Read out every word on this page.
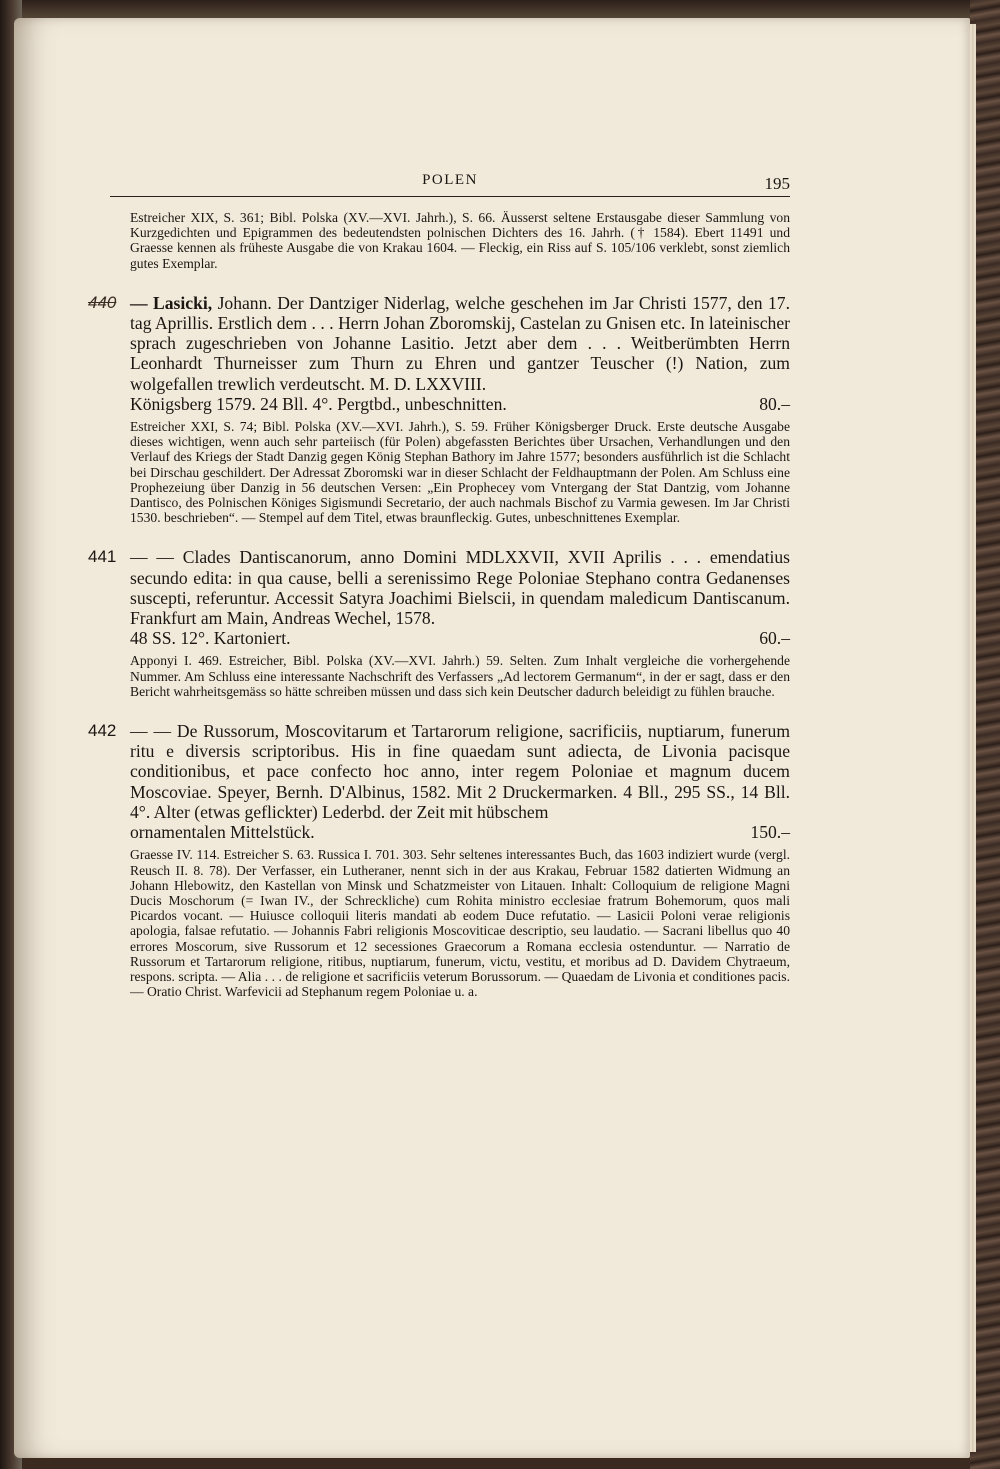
POLEN	195

Estreicher XIX, S. 361; Bibl. Polska (XV.—XVI. Jahrh.), S. 66. Äusserst seltene Erstausgabe dieser Sammlung von Kurzgedichten und Epigrammen des bedeutendsten polnischen Dichters des 16. Jahrh. († 1584). Ebert 11491 und Graesse kennen als früheste Ausgabe die von Krakau 1604. — Fleckig, ein Riss auf S. 105/106 verklebt, sonst ziemlich gutes Exemplar.

440 — Lasicki, Johann. Der Dantziger Niderlag, welche geschehen im Jar Christi 1577, den 17. tag Aprillis. Erstlich dem . . . Herrn Johan Zboromskij, Castelan zu Gnisen etc. In lateinischer sprach zugeschrieben von Johanne Lasitio. Jetzt aber dem . . . Weitberümbten Herrn Leonhardt Thurneisser zum Thurn zu Ehren und gantzer Teuscher (!) Nation, zum wolgefallen trewlich verdeutscht. M. D. LXXVIII.
Königsberg 1579. 24 Bll. 4°. Pergtbd., unbeschnitten.	80.–

Estreicher XXI, S. 74; Bibl. Polska (XV.—XVI. Jahrh.), S. 59. Früher Königsberger Druck. Erste deutsche Ausgabe dieses wichtigen, wenn auch sehr parteiisch (für Polen) abgefassten Berichtes über Ursachen, Verhandlungen und den Verlauf des Kriegs der Stadt Danzig gegen König Stephan Bathory im Jahre 1577; besonders ausführlich ist die Schlacht bei Dirschau geschildert. Der Adressat Zboromski war in dieser Schlacht der Feldhauptmann der Polen. Am Schluss eine Prophezeiung über Danzig in 56 deutschen Versen: „Ein Prophecey vom Vntergang der Stat Dantzig, vom Johanne Dantisco, des Polnischen Königes Sigismundi Secretario, der auch nachmals Bischof zu Varmia gewesen. Im Jar Christi 1530. beschrieben“. — Stempel auf dem Titel, etwas braunfleckig. Gutes, unbeschnittenes Exemplar.

441 — — Clades Dantiscanorum, anno Domini MDLXXVII, XVII Aprilis . . . emendatius secundo edita: in qua cause, belli a serenissimo Rege Poloniae Stephano contra Gedanenses suscepti, referuntur. Accessit Satyra Joachimi Bielscii, in quendam maledicum Dantiscanum. Frankfurt am Main, Andreas Wechel, 1578.
48 SS. 12°. Kartoniert.	60.–

Apponyi I. 469. Estreicher, Bibl. Polska (XV.—XVI. Jahrh.) 59. Selten. Zum Inhalt vergleiche die vorhergehende Nummer. Am Schluss eine interessante Nachschrift des Verfassers „Ad lectorem Germanum“, in der er sagt, dass er den Bericht wahrheitsgemäss so hätte schreiben müssen und dass sich kein Deutscher dadurch beleidigt zu fühlen brauche.

442 — — De Russorum, Moscovitarum et Tartarorum religione, sacrificiis, nuptiarum, funerum ritu e diversis scriptoribus. His in fine quaedam sunt adiecta, de Livonia pacisque conditionibus, et pace confecto hoc anno, inter regem Poloniae et magnum ducem Moscoviae. Speyer, Bernh. D'Albinus, 1582. Mit 2 Druckermarken. 4 Bll., 295 SS., 14 Bll. 4°. Alter (etwas geflickter) Lederbd. der Zeit mit hübschem
ornamentalen Mittelstück.	150.–

Graesse IV. 114. Estreicher S. 63. Russica I. 701. 303. Sehr seltenes interessantes Buch, das 1603 indiziert wurde (vergl. Reusch II. 8. 78). Der Verfasser, ein Lutheraner, nennt sich in der aus Krakau, Februar 1582 datierten Widmung an Johann Hlebowitz, den Kastellan von Minsk und Schatzmeister von Litauen. Inhalt: Colloquium de religione Magni Ducis Moschorum (= Iwan IV., der Schreckliche) cum Rohita ministro ecclesiae fratrum Bohemorum, quos mali Picardos vocant. — Huiusce colloquii literis mandati ab eodem Duce refutatio. — Lasicii Poloni verae religionis apologia, falsae refutatio. — Johannis Fabri religionis Moscoviticae descriptio, seu laudatio. — Sacrani libellus quo 40 errores Moscorum, sive Russorum et 12 secessiones Graecorum a Romana ecclesia ostenduntur. — Narratio de Russorum et Tartarorum religione, ritibus, nuptiarum, funerum, victu, vestitu, et moribus ad D. Davidem Chytraeum, respons. scripta. — Alia . . . de religione et sacrificiis veterum Borussorum. — Quaedam de Livonia et conditiones pacis. — Oratio Christ. Warfevicii ad Stephanum regem Poloniae u. a.
